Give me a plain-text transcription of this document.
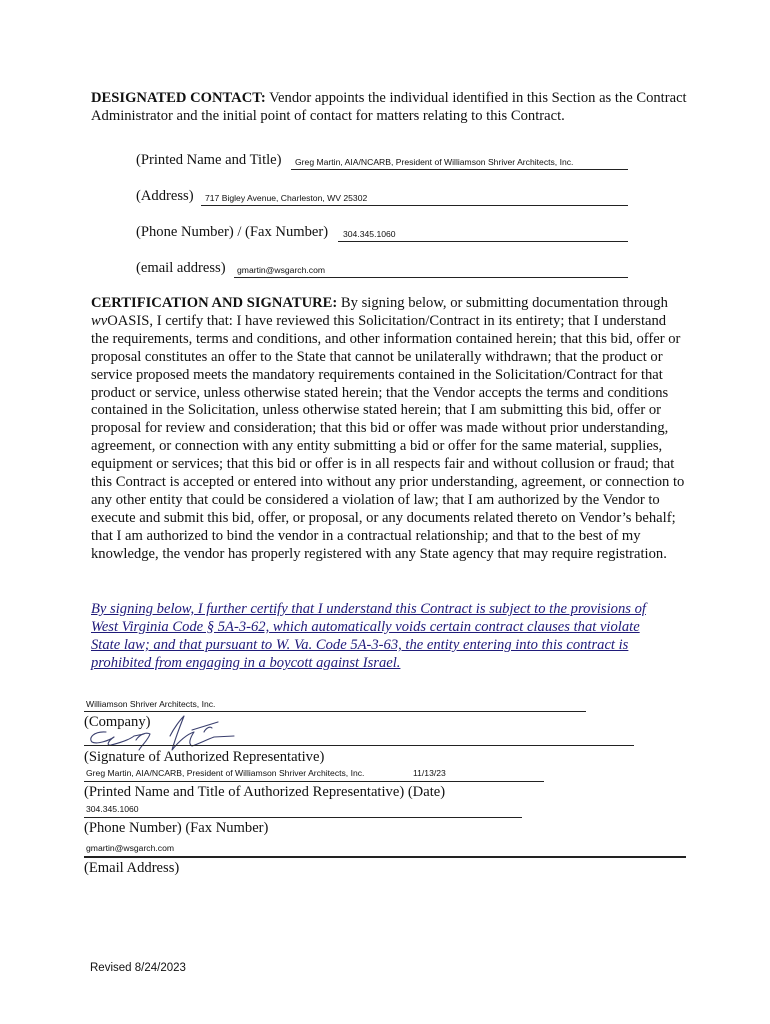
DESIGNATED CONTACT: Vendor appoints the individual identified in this Section as the Contract Administrator and the initial point of contact for matters relating to this Contract.
(Printed Name and Title) Greg Martin, AIA/NCARB, President of Williamson Shriver Architects, Inc.
(Address) 717 Bigley Avenue, Charleston, WV 25302
(Phone Number) / (Fax Number) 304.345.1060
(email address) gmartin@wsgarch.com
CERTIFICATION AND SIGNATURE: By signing below, or submitting documentation through wvOASIS, I certify that: I have reviewed this Solicitation/Contract in its entirety; that I understand the requirements, terms and conditions, and other information contained herein; that this bid, offer or proposal constitutes an offer to the State that cannot be unilaterally withdrawn; that the product or service proposed meets the mandatory requirements contained in the Solicitation/Contract for that product or service, unless otherwise stated herein; that the Vendor accepts the terms and conditions contained in the Solicitation, unless otherwise stated herein; that I am submitting this bid, offer or proposal for review and consideration; that this bid or offer was made without prior understanding, agreement, or connection with any entity submitting a bid or offer for the same material, supplies, equipment or services; that this bid or offer is in all respects fair and without collusion or fraud; that this Contract is accepted or entered into without any prior understanding, agreement, or connection to any other entity that could be considered a violation of law; that I am authorized by the Vendor to execute and submit this bid, offer, or proposal, or any documents related thereto on Vendor’s behalf; that I am authorized to bind the vendor in a contractual relationship; and that to the best of my knowledge, the vendor has properly registered with any State agency that may require registration.
By signing below, I further certify that I understand this Contract is subject to the provisions of West Virginia Code § 5A-3-62, which automatically voids certain contract clauses that violate State law; and that pursuant to W. Va. Code 5A-3-63, the entity entering into this contract is prohibited from engaging in a boycott against Israel.
Williamson Shriver Architects, Inc.
(Company)
(Signature of Authorized Representative)
Greg Martin, AIA/NCARB, President of Williamson Shriver Architects, Inc.	11/13/23
(Printed Name and Title of Authorized Representative) (Date)
304.345.1060
(Phone Number) (Fax Number)
gmartin@wsgarch.com
(Email Address)
Revised 8/24/2023
